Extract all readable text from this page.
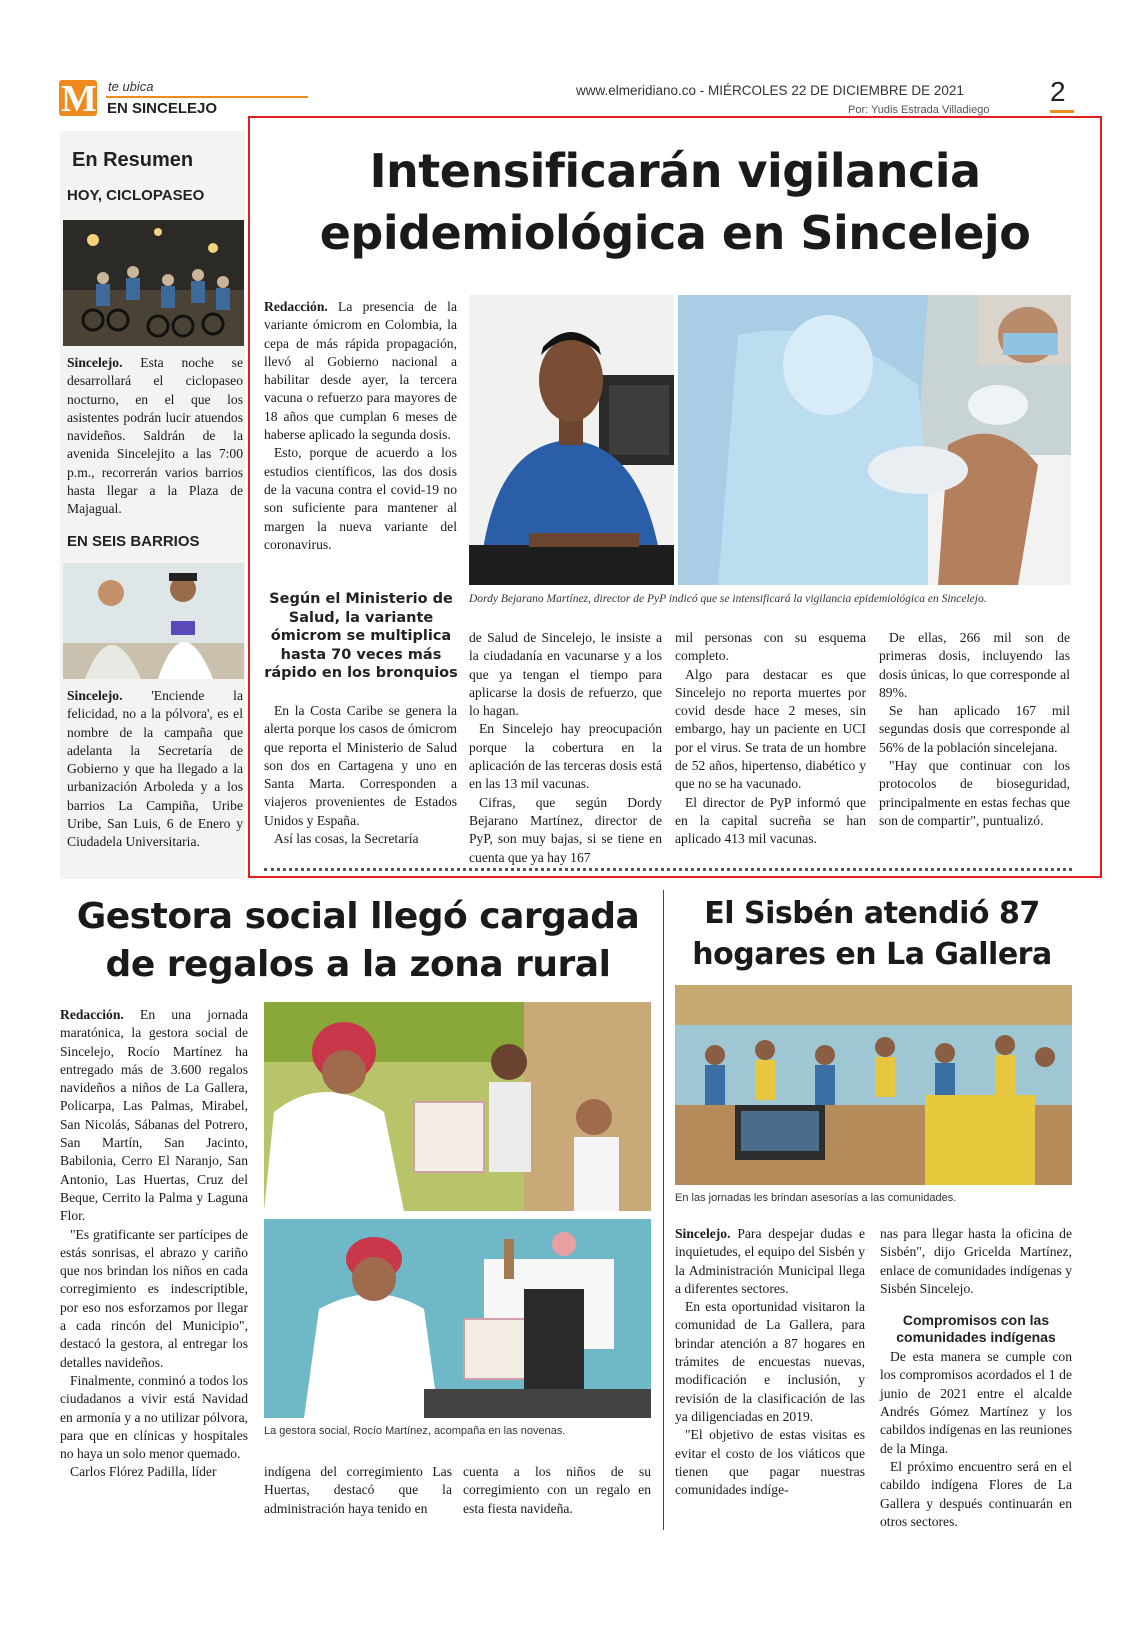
M te ubica
EN SINCELEJO
www.elmeridiano.co - MIÉRCOLES 22 DE DICIEMBRE DE 2021
Por: Yudis Estrada Villadiego
2
En Resumen
HOY, CICLOPASEO

Sincelejo. Esta noche se desarrollará el ciclopaseo nocturno, en el que los asistentes podrán lucir atuendos navideños. Saldrán de la avenida Sincelejito a las 7:00 p.m., recorrerán varios barrios hasta llegar a la Plaza de Majagual.

EN SEIS BARRIOS

Sincelejo. 'Enciende la felicidad, no a la pólvora', es el nombre de la campaña que adelanta la Secretaría de Gobierno y que ha llegado a la urbanización Arboleda y a los barrios La Campiña, Uribe Uribe, San Luis, 6 de Enero y Ciudadela Universitaria.

Intensificarán vigilancia
epidemiológica en Sincelejo

Redacción. La presencia de la variante ómicrom en Colombia, la cepa de más rápida propagación, llevó al Gobierno nacional a habilitar desde ayer, la tercera vacuna o refuerzo para mayores de 18 años que cumplan 6 meses de haberse aplicado la segunda dosis.

Esto, porque de acuerdo a los estudios científicos, las dos dosis de la vacuna contra el covid-19 no son suficiente para mantener al margen la nueva variante del coronavirus.

Dordy Bejarano Martínez, director de PyP indicó que se intensificará la vigilancia epidemiológica en Sincelejo.
Según el Ministerio de Salud, la variante ómicrom se multiplica hasta 70 veces más rápido en los bronquios

En la Costa Caribe se genera la alerta porque los casos de ómicrom que reporta el Ministerio de Salud son dos en Cartagena y uno en Santa Marta. Corresponden a viajeros provenientes de Estados Unidos y España.

Así las cosas, la Secretaría

de Salud de Sincelejo, le insiste a la ciudadanía en vacunarse y a los que ya tengan el tiempo para aplicarse la dosis de refuerzo, que lo hagan.

En Sincelejo hay preocupación porque la cobertura en la aplicación de las terceras dosis está en las 13 mil vacunas.

Cifras, que según Dordy Bejarano Martínez, director de PyP, son muy bajas, si se tiene en cuenta que ya hay 167

mil personas con su esquema completo.

Algo para destacar es que Sincelejo no reporta muertes por covid desde hace 2 meses, sin embargo, hay un paciente en UCI por el virus. Se trata de un hombre de 52 años, hipertenso, diabético y que no se ha vacunado.

El director de PyP informó que en la capital sucreña se han aplicado 413 mil vacunas.

De ellas, 266 mil son de primeras dosis, incluyendo las dosis únicas, lo que corresponde al 89%.

Se han aplicado 167 mil segundas dosis que corresponde al 56% de la población sincelejana.

"Hay que continuar con los protocolos de bioseguridad, principalmente en estas fechas que son de compartir", puntualizó.

Gestora social llegó cargada
de regalos a la zona rural

Redacción. En una jornada maratónica, la gestora social de Sincelejo, Rocío Martínez ha entregado más de 3.600 regalos navideños a niños de La Gallera, Policarpa, Las Palmas, Mirabel, San Nicolás, Sábanas del Potrero, San Martín, San Jacinto, Babilonia, Cerro El Naranjo, San Antonio, Las Huertas, Cruz del Beque, Cerrito la Palma y Laguna Flor.

"Es gratificante ser partícipes de estás sonrisas, el abrazo y cariño que nos brindan los niños en cada corregimiento es indescriptible, por eso nos esforzamos por llegar a cada rincón del Municipio", destacó la gestora, al entregar los detalles navideños.

Finalmente, conminó a todos los ciudadanos a vivir está Navidad en armonía y a no utilizar pólvora, para que en clínicas y hospitales no haya un solo menor quemado.

Carlos Flórez Padilla, líder

La gestora social, Rocío Martínez, acompaña en las novenas.

indígena del corregimiento Las Huertas, destacó que la administración haya tenido en

cuenta a los niños de su corregimiento con un regalo en esta fiesta navideña.

El Sisbén atendió 87
hogares en La Gallera
En las jornadas les brindan asesorías a las comunidades.

Sincelejo. Para despejar dudas e inquietudes, el equipo del Sisbén y la Administración Municipal llega a diferentes sectores.

En esta oportunidad visitaron la comunidad de La Gallera, para brindar atención a 87 hogares en trámites de encuestas nuevas, modificación e inclusión, y revisión de la clasificación de las ya diligenciadas en 2019.

"El objetivo de estas visitas es evitar el costo de los viáticos que tienen que pagar nuestras comunidades indíge-

nas para llegar hasta la oficina de Sisbén", dijo Gricelda Martínez, enlace de comunidades indígenas y Sisbén Sincelejo.

Compromisos con las comunidades indígenas

De esta manera se cumple con los compromisos acordados el 1 de junio de 2021 entre el alcalde Andrés Gómez Martínez y los cabildos indígenas en las reuniones de la Minga.

El próximo encuentro será en el cabildo indígena Flores de La Gallera y después continuarán en otros sectores.
